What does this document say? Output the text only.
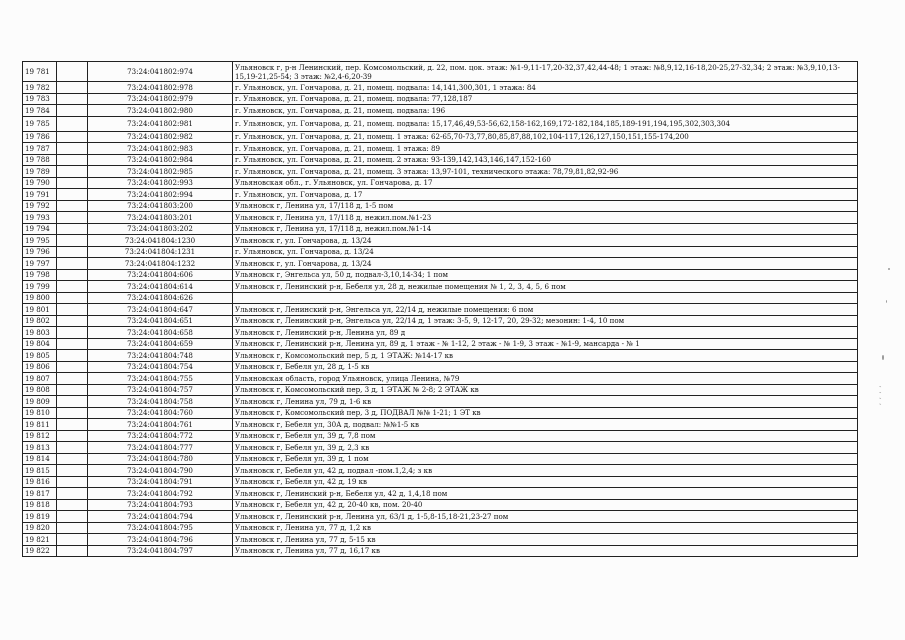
19 781		73:24:041802:974	Ульяновск г, р-н Ленинский, пер. Комсомольский, д. 22, пом. цок. этаж: №1-9,11-17,20-32,37,42,44-48; 1 этаж: №8,9,12,16-18,20-25,27-32,34; 2 этаж: №3,9,10,13-15,19-21,25-54; 3 этаж: №2,4-6,20-39
19 782		73:24:041802:978	г. Ульяновск, ул. Гончарова, д. 21, помещ. подвала: 14,141,300,301, 1 этажа: 84
19 783		73:24:041802:979	г. Ульяновск, ул. Гончарова, д. 21, помещ. подвала: 77,128,187
19 784		73:24:041802:980	г. Ульяновск, ул. Гончарова, д. 21, помещ. подвала: 196
19 785		73:24:041802:981	г. Ульяновск, ул. Гончарова, д. 21, помещ. подвала: 15,17,46,49,53-56,62,158-162,169,172-182,184,185,189-191,194,195,302,303,304
19 786		73:24:041802:982	г. Ульяновск, ул. Гончарова, д. 21, помещ. 1 этажа: 62-65,70-73,77,80,85,87,88,102,104-117,126,127,150,151,155-174,200
19 787		73:24:041802:983	г. Ульяновск, ул. Гончарова, д. 21, помещ. 1 этажа: 89
19 788		73:24:041802:984	г. Ульяновск, ул. Гончарова, д. 21, помещ. 2 этажа: 93-139,142,143,146,147,152-160
19 789		73:24:041802:985	г. Ульяновск, ул. Гончарова, д. 21, помещ. 3 этажа: 13,97-101, технического этажа: 78,79,81,82,92-96
19 790		73:24:041802:993	Ульяновская обл., г. Ульяновск, ул. Гончарова, д. 17
19 791		73:24:041802:994	г. Ульяновск, ул. Гончарова, д. 17
19 792		73:24:041803:200	Ульяновск г, Ленина ул, 17/118 д, 1-5 пом
19 793		73:24:041803:201	Ульяновск г, Ленина ул, 17/118 д, нежил.пом.№1-23
19 794		73:24:041803:202	Ульяновск г, Ленина ул, 17/118 д, нежил.пом.№1-14
19 795		73:24:041804:1230	Ульяновск г, ул. Гончарова, д. 13/24
19 796		73:24:041804:1231	г. Ульяновск, ул. Гончарова, д. 13/24
19 797		73:24:041804:1232	Ульяновск г, ул. Гончарова, д. 13/24
19 798		73:24:041804:606	Ульяновск г, Энгельса ул, 50 д, подвал-3,10,14-34; 1 пом
19 799		73:24:041804:614	Ульяновск г, Ленинский р-н, Бебеля ул, 28 д, нежилые помещения № 1, 2, 3, 4, 5, 6 пом
19 800		73:24:041804:626	
19 801		73:24:041804:647	Ульяновск г, Ленинский р-н, Энгельса ул, 22/14 д, нежилые помещения: 6 пом
19 802		73:24:041804:651	Ульяновск г, Ленинский р-н, Энгельса ул, 22/14 д, 1 этаж: 3-5, 9, 12-17, 20, 29-32; мезонин: 1-4, 10 пом
19 803		73:24:041804:658	Ульяновск г, Ленинский р-н, Ленина ул, 89 д
19 804		73:24:041804:659	Ульяновск г, Ленинский р-н, Ленина ул, 89 д, 1 этаж - № 1-12, 2 этаж - № 1-9, 3 этаж - №1-9, мансарда - № 1
19 805		73:24:041804:748	Ульяновск г, Комсомольский пер, 5 д, 1 ЭТАЖ: №14-17 кв
19 806		73:24:041804:754	Ульяновск г, Бебеля ул, 28 д, 1-5 кв
19 807		73:24:041804:755	Ульяновская область, город Ульяновск, улица Ленина, №79
19 808		73:24:041804:757	Ульяновск г, Комсомольский пер, 3 д, 1 ЭТАЖ № 2-8; 2 ЭТАЖ кв
19 809		73:24:041804:758	Ульяновск г, Ленина ул, 79 д, 1-6 кв
19 810		73:24:041804:760	Ульяновск г, Комсомольский пер, 3 д, ПОДВАЛ №№ 1-21; 1 ЭТ кв
19 811		73:24:041804:761	Ульяновск г, Бебеля ул, 30А д, подвал: №№1-5 кв
19 812		73:24:041804:772	Ульяновск г, Бебеля ул, 39 д, 7,8 пом
19 813		73:24:041804:777	Ульяновск г, Бебеля ул, 39 д, 2,3 кв
19 814		73:24:041804:780	Ульяновск г, Бебеля ул, 39 д, 1 пом
19 815		73:24:041804:790	Ульяновск г, Бебеля ул, 42 д, подвал -пом.1,2,4; з кв
19 816		73:24:041804:791	Ульяновск г, Бебеля ул, 42 д, 19 кв
19 817		73:24:041804:792	Ульяновск г, Ленинский р-н, Бебеля ул, 42 д, 1,4,18 пом
19 818		73:24:041804:793	Ульяновск г, Бебеля ул, 42 д, 20-40 кв, пом. 20-40
19 819		73:24:041804:794	Ульяновск г, Ленинский р-н, Ленина ул, 63/1 д, 1-5,8-15,18-21,23-27 пом
19 820		73:24:041804:795	Ульяновск г, Ленина ул, 77 д, 1,2 кв
19 821		73:24:041804:796	Ульяновск г, Ленина ул, 77 д, 5-15 кв
19 822		73:24:041804:797	Ульяновск г, Ленина ул, 77 д, 16,17 кв
‚ ‚ ‚ ‚
